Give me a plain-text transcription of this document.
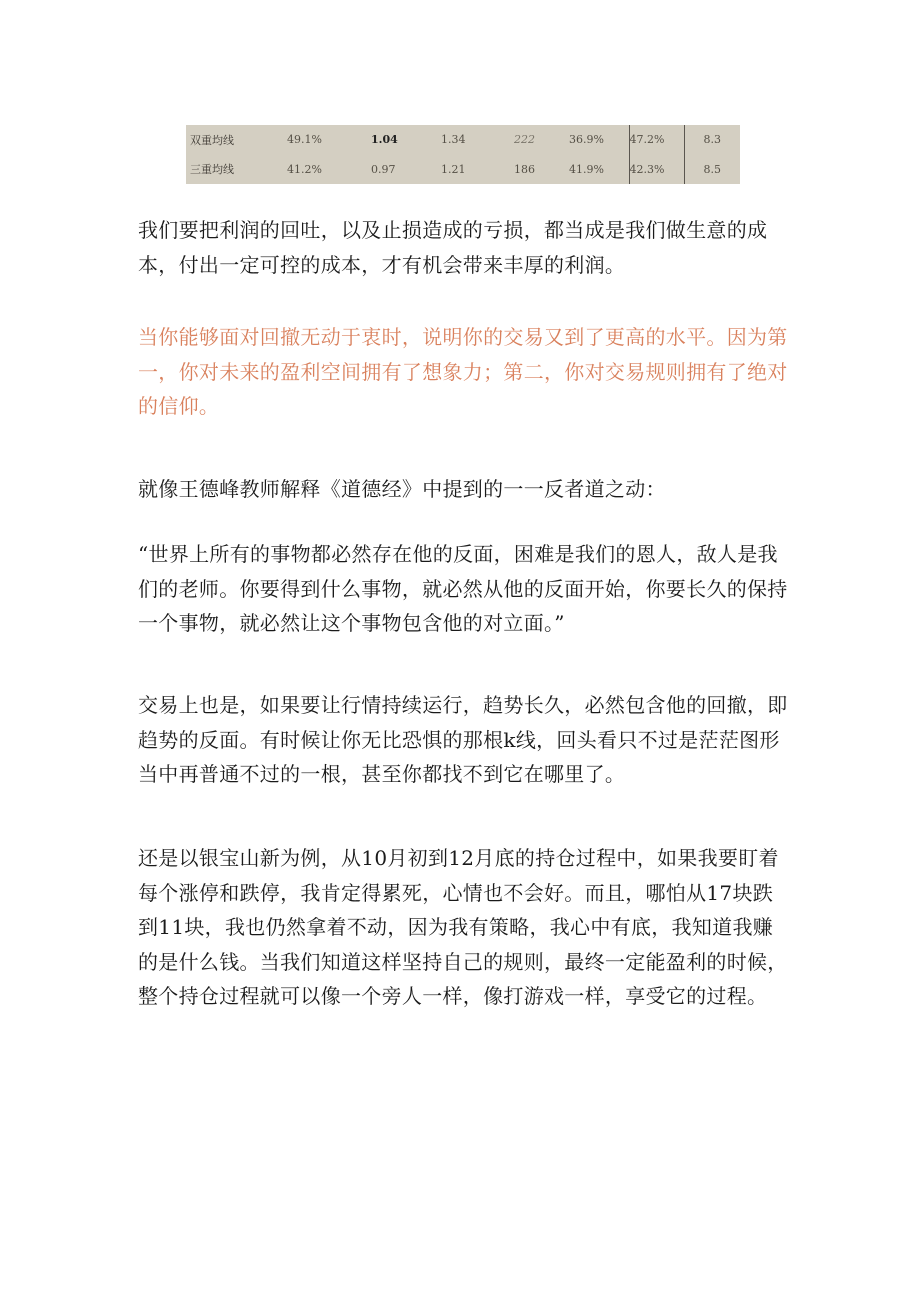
双重均线	49.1%	1.04	1.34	222	36.9%	47.2%	8.3
三重均线	41.2%	0.97	1.21	186	41.9%	42.3%	8.5

我们要把利润的回吐，以及止损造成的亏损，都当成是我们做生意的成本，付出一定可控的成本，才有机会带来丰厚的利润。

当你能够面对回撤无动于衷时，说明你的交易又到了更高的水平。因为第一，你对未来的盈利空间拥有了想象力；第二，你对交易规则拥有了绝对的信仰。

就像王德峰教师解释《道德经》中提到的一一反者道之动：

“世界上所有的事物都必然存在他的反面，困难是我们的恩人，敌人是我们的老师。你要得到什么事物，就必然从他的反面开始，你要长久的保持一个事物，就必然让这个事物包含他的对立面。”

交易上也是，如果要让行情持续运行，趋势长久，必然包含他的回撤，即趋势的反面。有时候让你无比恐惧的那根k线，回头看只不过是茫茫图形当中再普通不过的一根，甚至你都找不到它在哪里了。

还是以银宝山新为例，从10月初到12月底的持仓过程中，如果我要盯着每个涨停和跌停，我肯定得累死，心情也不会好。而且，哪怕从17块跌到11块，我也仍然拿着不动，因为我有策略，我心中有底，我知道我赚的是什么钱。当我们知道这样坚持自己的规则，最终一定能盈利的时候，整个持仓过程就可以像一个旁人一样，像打游戏一样，享受它的过程。
